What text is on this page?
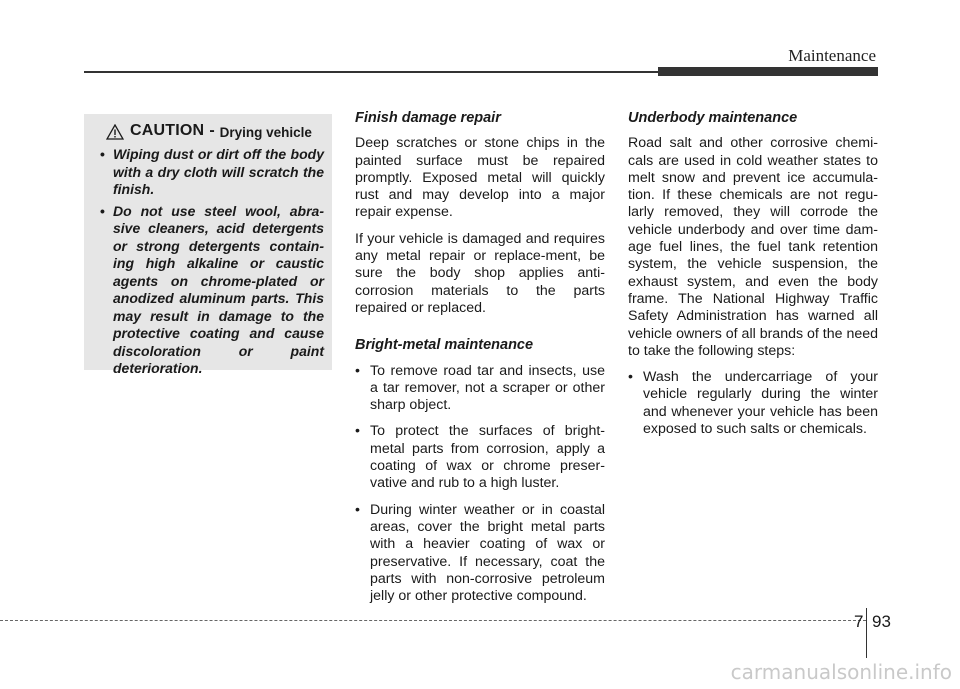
Maintenance
CAUTION - Drying vehicle
• Wiping dust or dirt off the body with a dry cloth will scratch the finish.
• Do not use steel wool, abra-sive cleaners, acid detergents or strong detergents contain-ing high alkaline or caustic agents on chrome-plated or anodized aluminum parts. This may result in damage to the protective coating and cause discoloration or paint deterioration.
Finish damage repair

Deep scratches or stone chips in the painted surface must be repaired promptly. Exposed metal will quickly rust and may develop into a major repair expense.

If your vehicle is damaged and requires any metal repair or replace-ment, be sure the body shop applies anti-corrosion materials to the parts repaired or replaced.

Bright-metal maintenance
• To remove road tar and insects, use a tar remover, not a scraper or other sharp object.
• To protect the surfaces of bright-metal parts from corrosion, apply a coating of wax or chrome preser-vative and rub to a high luster.
• During winter weather or in coastal areas, cover the bright metal parts with a heavier coating of wax or preservative. If necessary, coat the parts with non-corrosive petroleum jelly or other protective compound.
Underbody maintenance

Road salt and other corrosive chemi-cals are used in cold weather states to melt snow and prevent ice accumula-tion. If these chemicals are not regu-larly removed, they will corrode the vehicle underbody and over time dam-age fuel lines, the fuel tank retention system, the vehicle suspension, the exhaust system, and even the body frame. The National Highway Traffic Safety Administration has warned all vehicle owners of all brands of the need to take the following steps:

• Wash the undercarriage of your vehicle regularly during the winter and whenever your vehicle has been exposed to such salts or chemicals.
7 93
carmanualsonline.info
